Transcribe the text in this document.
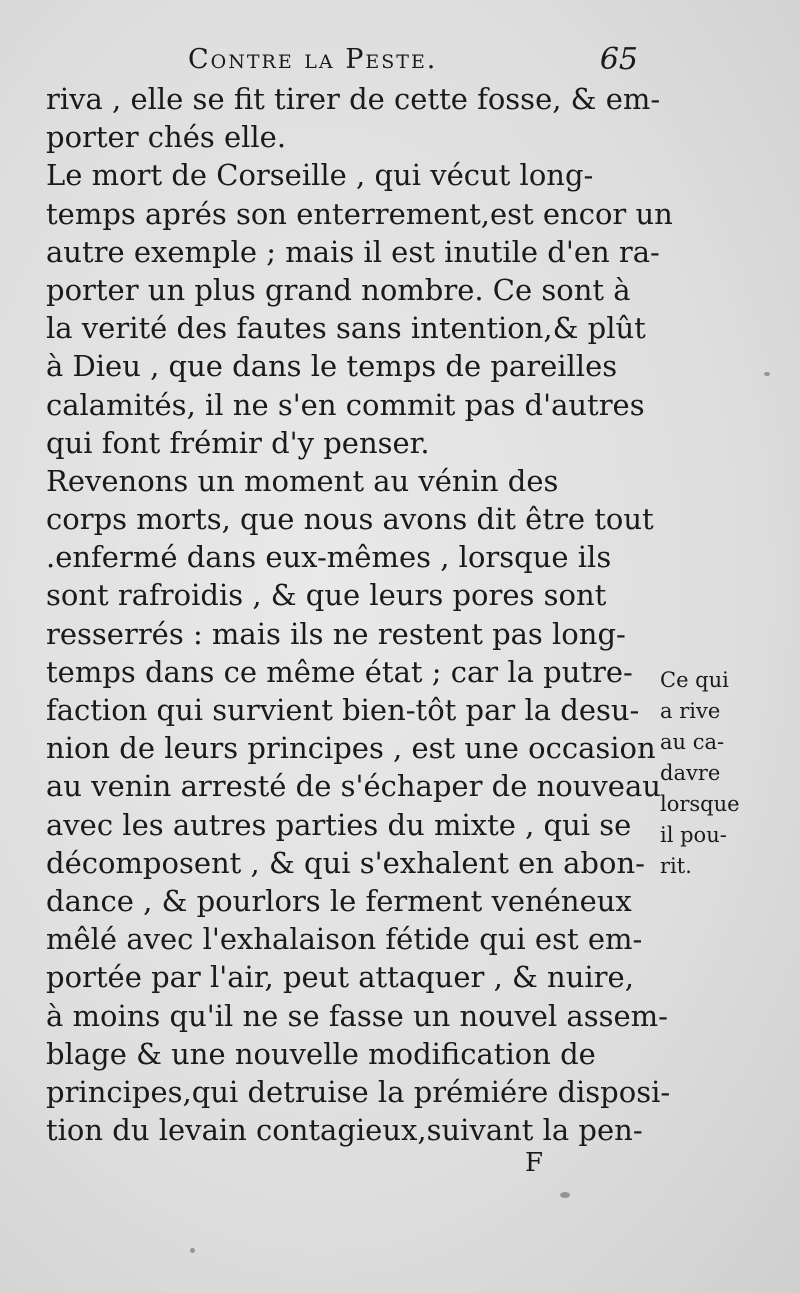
Contre la Peste.	65
riva , elle se fit tirer de cette fosse, & em-
porter chés elle.
Le mort de Corseille , qui vécut long-
temps aprés son enterrement,est encor un
autre exemple ; mais il est inutile d'en ra-
porter un plus grand nombre. Ce sont à
la verité des fautes sans intention,& plût
à Dieu , que dans le temps de pareilles
calamités, il ne s'en commit pas d'autres
qui font frémir d'y penser.
Revenons un moment au vénin des
corps morts, que nous avons dit être tout
.enfermé dans eux-mêmes , lorsque ils
sont rafroidis , & que leurs pores sont
resserrés : mais ils ne restent pas long-
temps dans ce même état ; car la putre-
faction qui survient bien-tôt par la desu-
nion de leurs principes , est une occasion
au venin arresté de s'échaper de nouveau
avec les autres parties du mixte , qui se
décomposent , & qui s'exhalent en abon-
dance , & pourlors le ferment venéneux
mêlé avec l'exhalaison fétide qui est em-
portée par l'air, peut attaquer , & nuire,
à moins qu'il ne se fasse un nouvel assem-
blage & une nouvelle modification de
principes,qui detruise la prémiére disposi-
tion du levain contagieux,suivant la pen-
Ce qui
a rive
au ca-
davre
lorsque
il pou-
rit.
F
